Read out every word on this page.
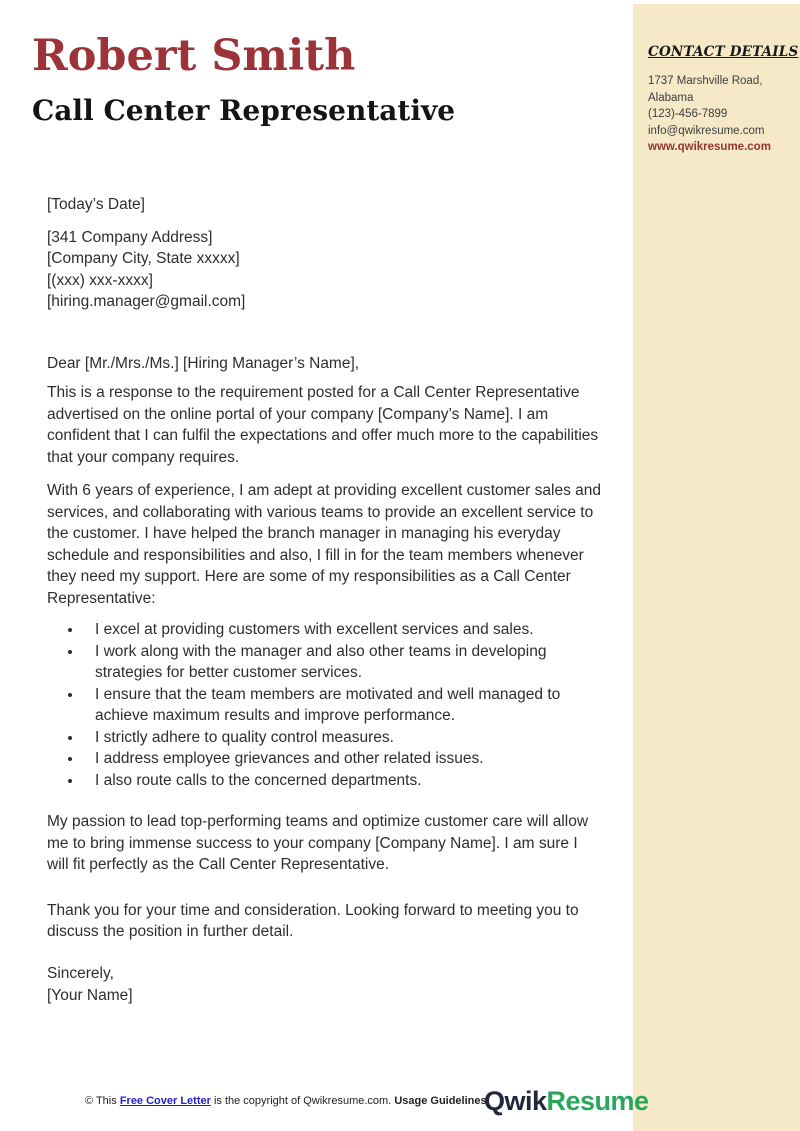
Robert Smith
Call Center Representative

[Today’s Date]

[341 Company Address]
[Company City, State xxxxx]
[(xxx) xxx-xxxx]
[hiring.manager@gmail.com]

Dear [Mr./Mrs./Ms.] [Hiring Manager’s Name],

This is a response to the requirement posted for a Call Center Representative advertised on the online portal of your company [Company’s Name]. I am confident that I can fulfil the expectations and offer much more to the capabilities that your company requires.

With 6 years of experience, I am adept at providing excellent customer sales and services, and collaborating with various teams to provide an excellent service to the customer. I have helped the branch manager in managing his everyday schedule and responsibilities and also, I fill in for the team members whenever they need my support. Here are some of my responsibilities as a Call Center Representative:

• I excel at providing customers with excellent services and sales.
• I work along with the manager and also other teams in developing strategies for better customer services.
• I ensure that the team members are motivated and well managed to achieve maximum results and improve performance.
• I strictly adhere to quality control measures.
• I address employee grievances and other related issues.
• I also route calls to the concerned departments.

My passion to lead top-performing teams and optimize customer care will allow me to bring immense success to your company [Company Name]. I am sure I will fit perfectly as the Call Center Representative.

Thank you for your time and consideration. Looking forward to meeting you to discuss the position in further detail.

Sincerely,

[Your Name]

CONTACT DETAILS
1737 Marshville Road,
Alabama
(123)-456-7899
info@qwikresume.com
www.qwikresume.com
© This Free Cover Letter is the copyright of Qwikresume.com. Usage Guidelines
QwikResume
